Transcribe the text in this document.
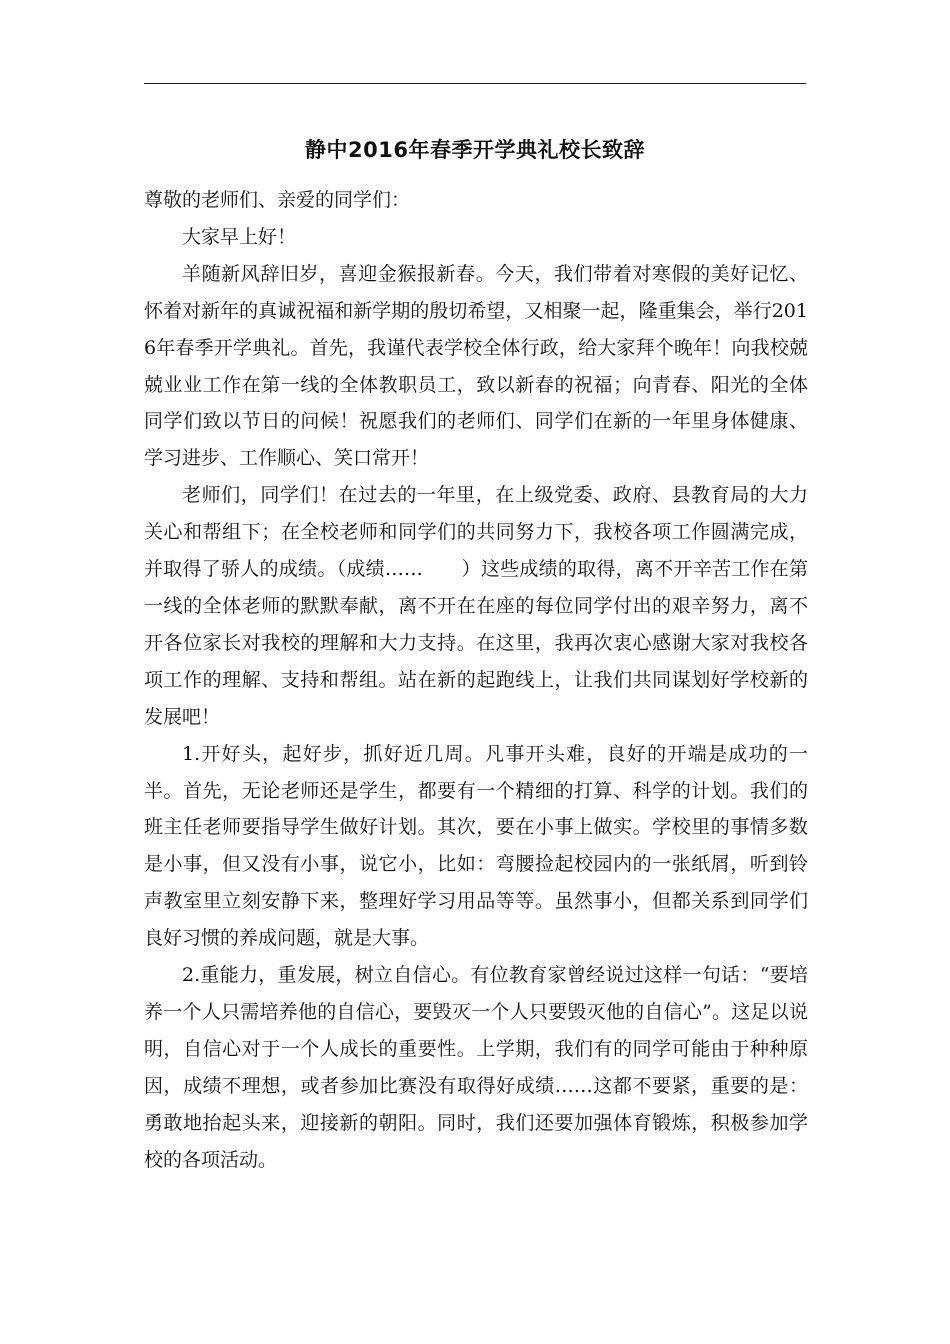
静中2016年春季开学典礼校长致辞

尊敬的老师们、亲爱的同学们：

大家早上好！

羊随新风辞旧岁，喜迎金猴报新春。今天，我们带着对寒假的美好记忆、怀着对新年的真诚祝福和新学期的殷切希望，又相聚一起，隆重集会，举行2016年春季开学典礼。首先，我谨代表学校全体行政，给大家拜个晚年！向我校兢兢业业工作在第一线的全体教职员工，致以新春的祝福；向青春、阳光的全体同学们致以节日的问候！祝愿我们的老师们、同学们在新的一年里身体健康、学习进步、工作顺心、笑口常开！

老师们，同学们！在过去的一年里，在上级党委、政府、县教育局的大力关心和帮组下；在全校老师和同学们的共同努力下，我校各项工作圆满完成，并取得了骄人的成绩。（成绩……　　）这些成绩的取得，离不开辛苦工作在第一线的全体老师的默默奉献，离不开在在座的每位同学付出的艰辛努力，离不开各位家长对我校的理解和大力支持。在这里，我再次衷心感谢大家对我校各项工作的理解、支持和帮组。站在新的起跑线上，让我们共同谋划好学校新的发展吧！

1.开好头，起好步，抓好近几周。凡事开头难，良好的开端是成功的一半。首先，无论老师还是学生，都要有一个精细的打算、科学的计划。我们的班主任老师要指导学生做好计划。其次，要在小事上做实。学校里的事情多数是小事，但又没有小事，说它小，比如：弯腰捡起校园内的一张纸屑，听到铃声教室里立刻安静下来，整理好学习用品等等。虽然事小，但都关系到同学们良好习惯的养成问题，就是大事。

2.重能力，重发展，树立自信心。有位教育家曾经说过这样一句话：“要培养一个人只需培养他的自信心，要毁灭一个人只要毁灭他的自信心”。这足以说明，自信心对于一个人成长的重要性。上学期，我们有的同学可能由于种种原因，成绩不理想，或者参加比赛没有取得好成绩……这都不要紧，重要的是：勇敢地抬起头来，迎接新的朝阳。同时，我们还要加强体育锻炼，积极参加学校的各项活动。
